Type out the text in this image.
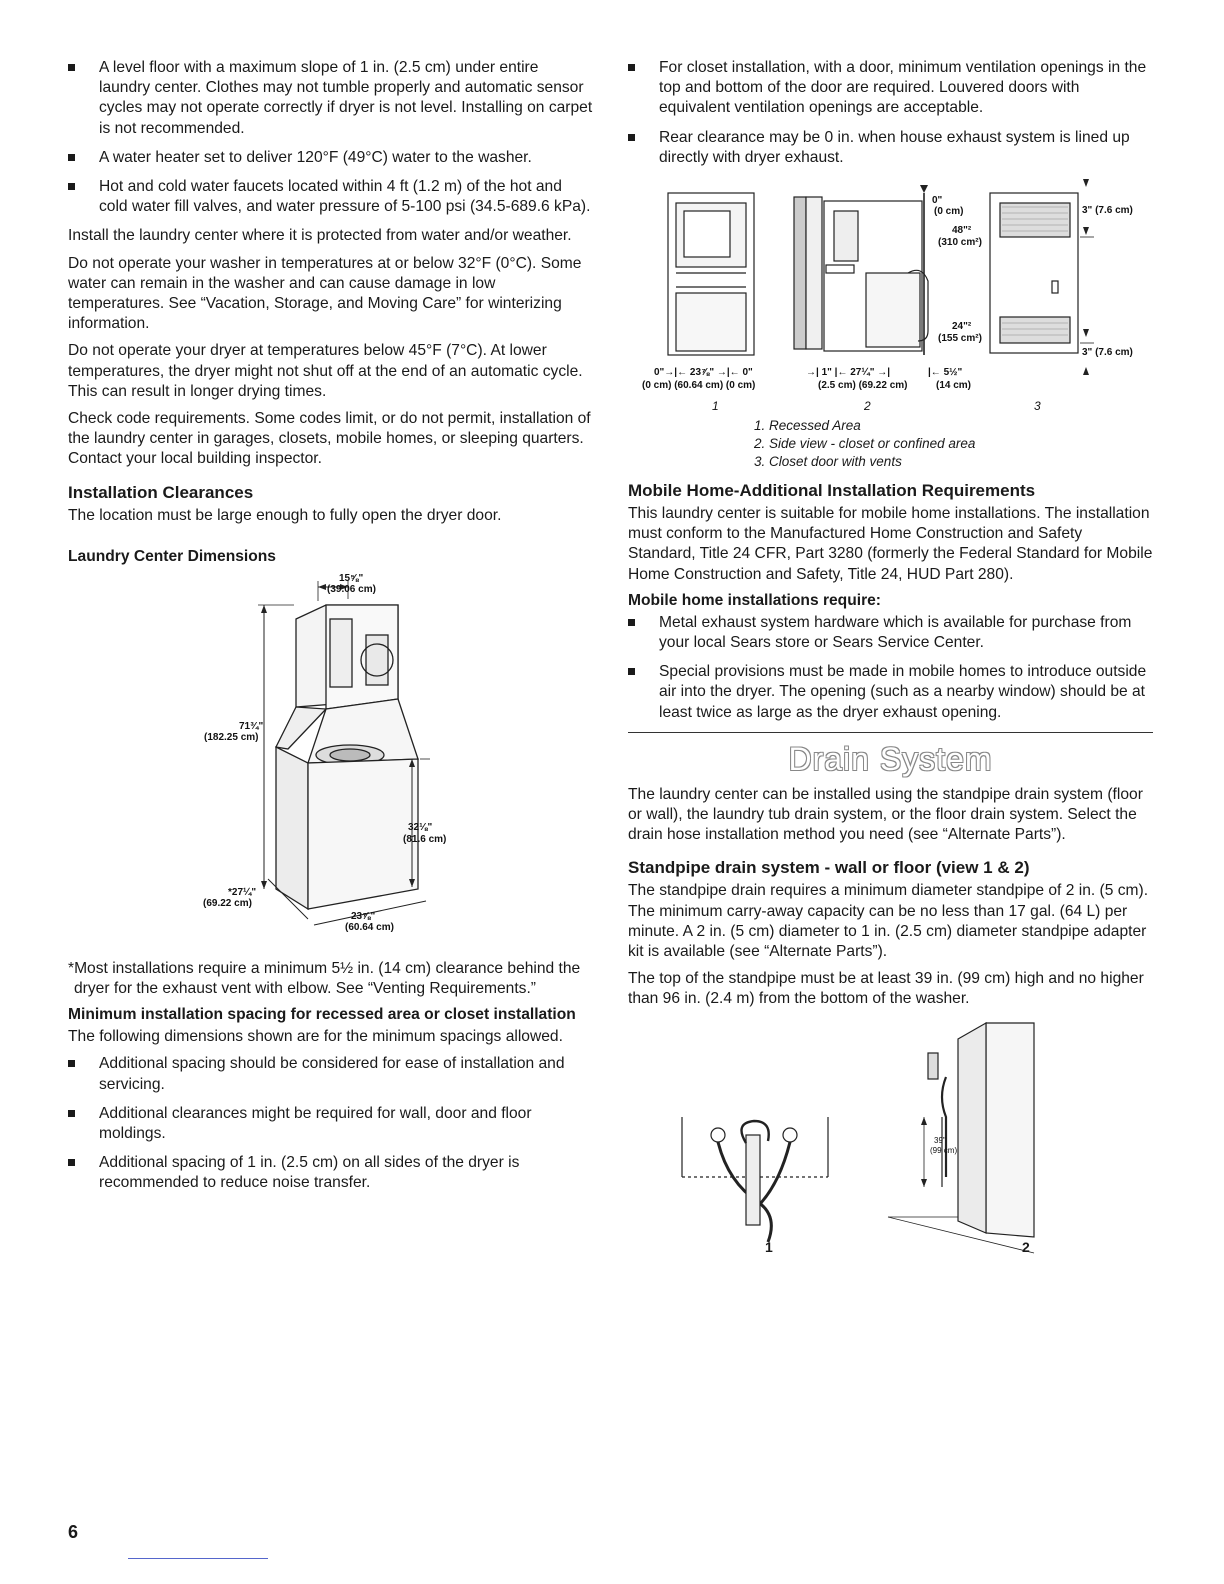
A level floor with a maximum slope of 1 in. (2.5 cm) under entire laundry center. Clothes may not tumble properly and automatic sensor cycles may not operate correctly if dryer is not level. Installing on carpet is not recommended.
A water heater set to deliver 120°F (49°C) water to the washer.
Hot and cold water faucets located within 4 ft (1.2 m) of the hot and cold water fill valves, and water pressure of 5-100 psi (34.5-689.6 kPa).

Install the laundry center where it is protected from water and/or weather.

Do not operate your washer in temperatures at or below 32°F (0°C). Some water can remain in the washer and can cause damage in low temperatures. See “Vacation, Storage, and Moving Care” for winterizing information.

Do not operate your dryer at temperatures below 45°F (7°C). At lower temperatures, the dryer might not shut off at the end of an automatic cycle. This can result in longer drying times.

Check code requirements. Some codes limit, or do not permit, installation of the laundry center in garages, closets, mobile homes, or sleeping quarters. Contact your local building inspector.

Installation Clearances

The location must be large enough to fully open the dryer door.

Laundry Center Dimensions
15⅝"
(39.06 cm)
71¾"
(182.25 cm)
32⅛"
(81.6 cm)
*27¼"
(69.22 cm)
23⅞"
(60.64 cm)

*Most installations require a minimum 5½ in. (14 cm) clearance behind the dryer for the exhaust vent with elbow. See “Venting Requirements.”

Minimum installation spacing for recessed area or closet installation

The following dimensions shown are for the minimum spacings allowed.

Additional spacing should be considered for ease of installation and servicing.
Additional clearances might be required for wall, door and floor moldings.
Additional spacing of 1 in. (2.5 cm) on all sides of the dryer is recommended to reduce noise transfer.
For closet installation, with a door, minimum ventilation openings in the top and bottom of the door are required. Louvered doors with equivalent ventilation openings are acceptable.
Rear clearance may be 0 in. when house exhaust system is lined up directly with dryer exhaust.
0"
(0 cm)
48"²
(310 cm²)
24"²
(155 cm²)
3" (7.6 cm)
3" (7.6 cm)
0"→|← 23⅞" →|← 0"
(0 cm) (60.64 cm) (0 cm)
→| 1" |← 27¼" →|
(2.5 cm) (69.22 cm)
|← 5½"
(14 cm)
1	2	3

1. Recessed Area

2. Side view - closet or confined area

3. Closet door with vents

Mobile Home-Additional Installation Requirements

This laundry center is suitable for mobile home installations. The installation must conform to the Manufactured Home Construction and Safety Standard, Title 24 CFR, Part 3280 (formerly the Federal Standard for Mobile Home Construction and Safety, Title 24, HUD Part 280).

Mobile home installations require:
Metal exhaust system hardware which is available for purchase from your local Sears store or Sears Service Center.
Special provisions must be made in mobile homes to introduce outside air into the dryer. The opening (such as a nearby window) should be at least twice as large as the dryer exhaust opening.
Drain System

The laundry center can be installed using the standpipe drain system (floor or wall), the laundry tub drain system, or the floor drain system. Select the drain hose installation method you need (see “Alternate Parts”).

Standpipe drain system - wall or floor (view 1 & 2)

The standpipe drain requires a minimum diameter standpipe of 2 in. (5 cm). The minimum carry-away capacity can be no less than 17 gal. (64 L) per minute. A 2 in. (5 cm) diameter to 1 in. (2.5 cm) diameter standpipe adapter kit is available (see “Alternate Parts”).

The top of the standpipe must be at least 39 in. (99 cm) high and no higher than 96 in. (2.4 m) from the bottom of the washer.

39"
(99 cm)
1	2
6
